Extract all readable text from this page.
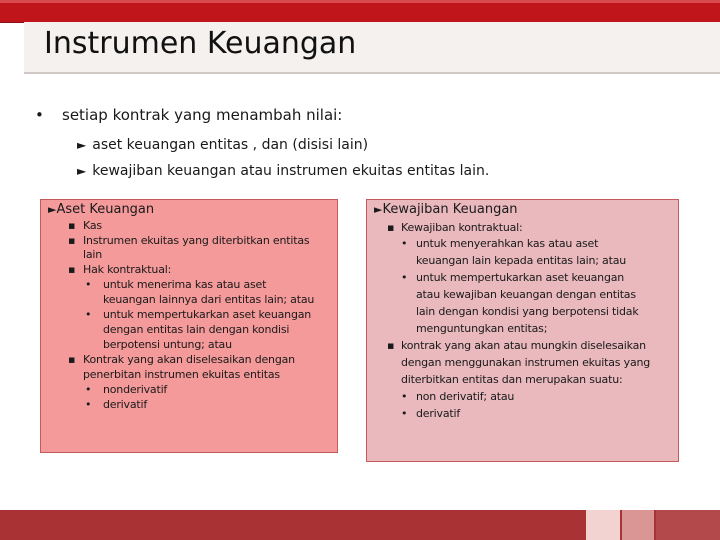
Instrumen Keuangan
• setiap kontrak yang menambah nilai:
► aset keuangan entitas , dan (disisi lain)
► kewajiban keuangan atau instrumen ekuitas entitas lain.
►Aset Keuangan
▪ Kas
▪ Instrumen ekuitas yang diterbitkan entitas
lain
▪ Hak kontraktual:
• untuk menerima kas atau aset
keuangan lainnya dari entitas lain; atau
• untuk mempertukarkan aset keuangan
dengan entitas lain dengan kondisi
berpotensi untung; atau
▪ Kontrak yang akan diselesaikan dengan
penerbitan instrumen ekuitas entitas
• nonderivatif
• derivatif
►Kewajiban Keuangan
▪ Kewajiban kontraktual:
• untuk menyerahkan kas atau aset
keuangan lain kepada entitas lain; atau
• untuk mempertukarkan aset keuangan
atau kewajiban keuangan dengan entitas
lain dengan kondisi yang berpotensi tidak
menguntungkan entitas;
▪ kontrak yang akan atau mungkin diselesaikan
dengan menggunakan instrumen ekuitas yang
diterbitkan entitas dan merupakan suatu:
• non derivatif; atau
• derivatif
